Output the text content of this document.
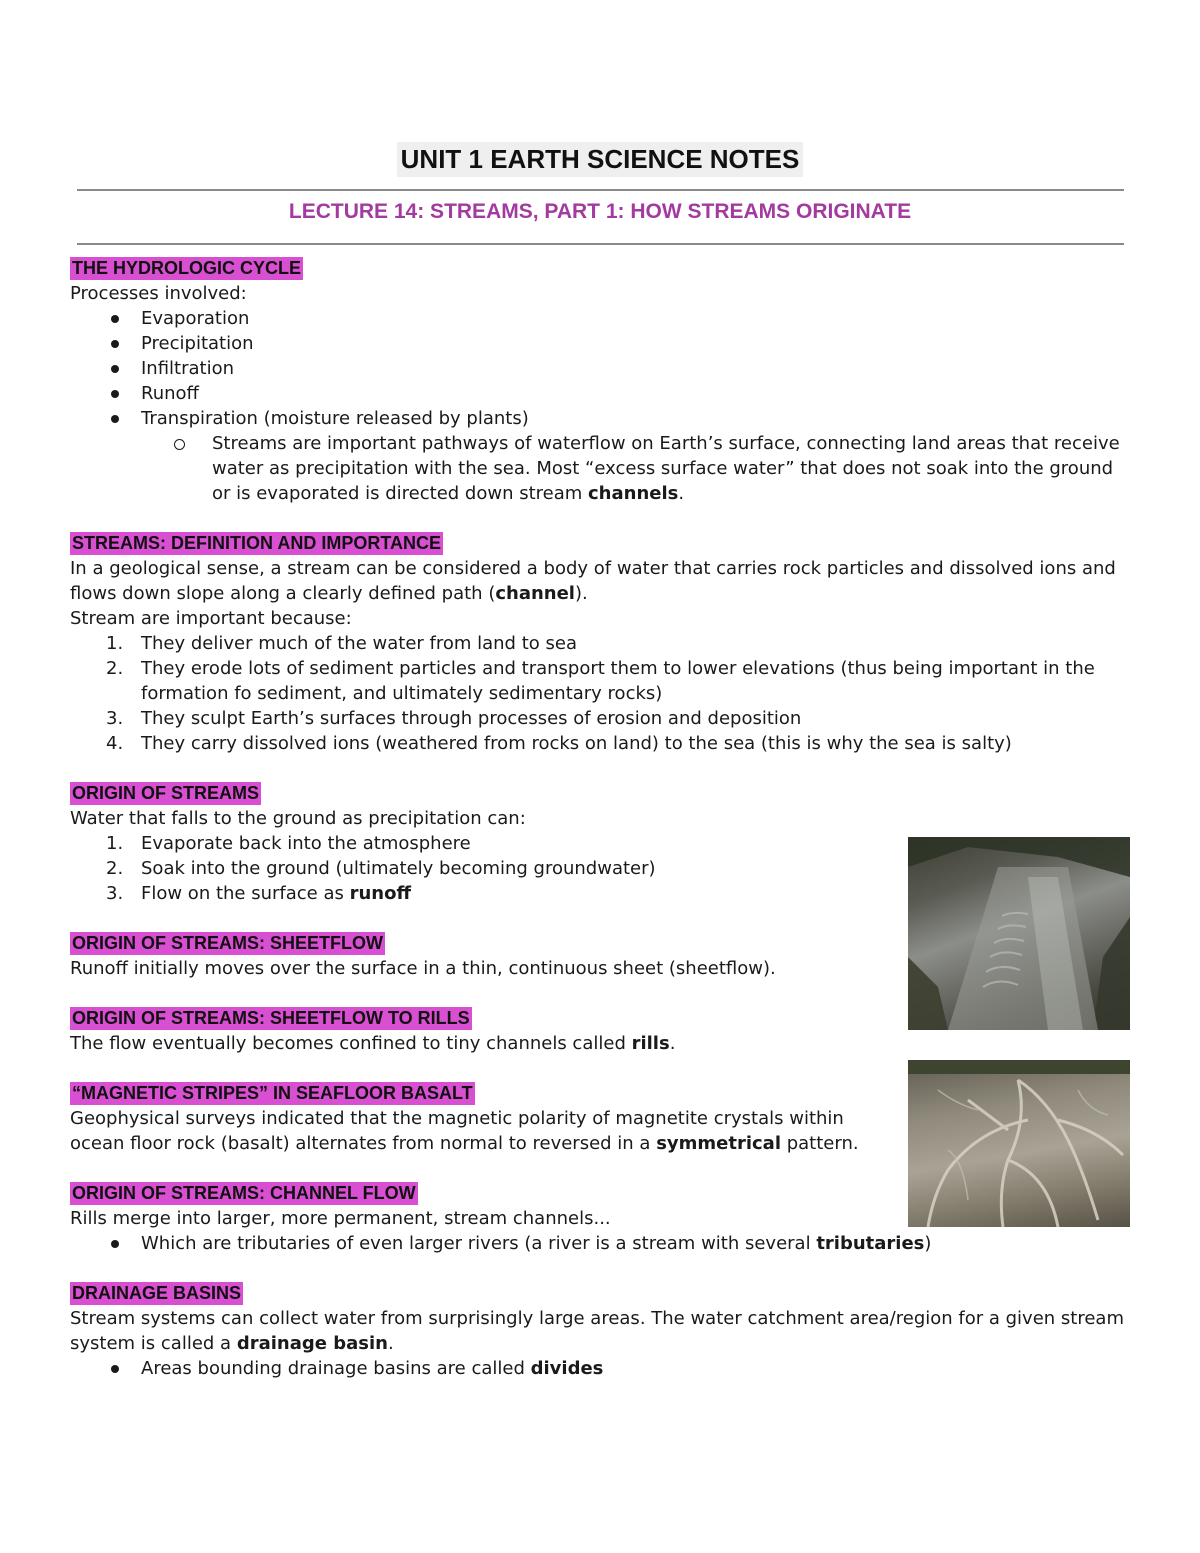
UNIT 1 EARTH SCIENCE NOTES
LECTURE 14: STREAMS, PART 1: HOW STREAMS ORIGINATE
THE HYDROLOGIC CYCLE
Processes involved:
Evaporation
Precipitation
Infiltration
Runoff
Transpiration (moisture released by plants)
Streams are important pathways of waterflow on Earth’s surface, connecting land areas that receive water as precipitation with the sea. Most “excess surface water” that does not soak into the ground or is evaporated is directed down stream channels.
STREAMS: DEFINITION AND IMPORTANCE
In a geological sense, a stream can be considered a body of water that carries rock particles and dissolved ions and flows down slope along a clearly defined path (channel).
Stream are important because:
1. They deliver much of the water from land to sea
2. They erode lots of sediment particles and transport them to lower elevations (thus being important in the formation fo sediment, and ultimately sedimentary rocks)
3. They sculpt Earth’s surfaces through processes of erosion and deposition
4. They carry dissolved ions (weathered from rocks on land) to the sea (this is why the sea is salty)
ORIGIN OF STREAMS
Water that falls to the ground as precipitation can:
1. Evaporate back into the atmosphere
2. Soak into the ground (ultimately becoming groundwater)
3. Flow on the surface as runoff
ORIGIN OF STREAMS: SHEETFLOW
Runoff initially moves over the surface in a thin, continuous sheet (sheetflow).
ORIGIN OF STREAMS: SHEETFLOW TO RILLS
The flow eventually becomes confined to tiny channels called rills.
“MAGNETIC STRIPES” IN SEAFLOOR BASALT
Geophysical surveys indicated that the magnetic polarity of magnetite crystals within ocean floor rock (basalt) alternates from normal to reversed in a symmetrical pattern.
ORIGIN OF STREAMS: CHANNEL FLOW
Rills merge into larger, more permanent, stream channels...
Which are tributaries of even larger rivers (a river is a stream with several tributaries)
DRAINAGE BASINS
Stream systems can collect water from surprisingly large areas. The water catchment area/region for a given stream system is called a drainage basin.
Areas bounding drainage basins are called divides
